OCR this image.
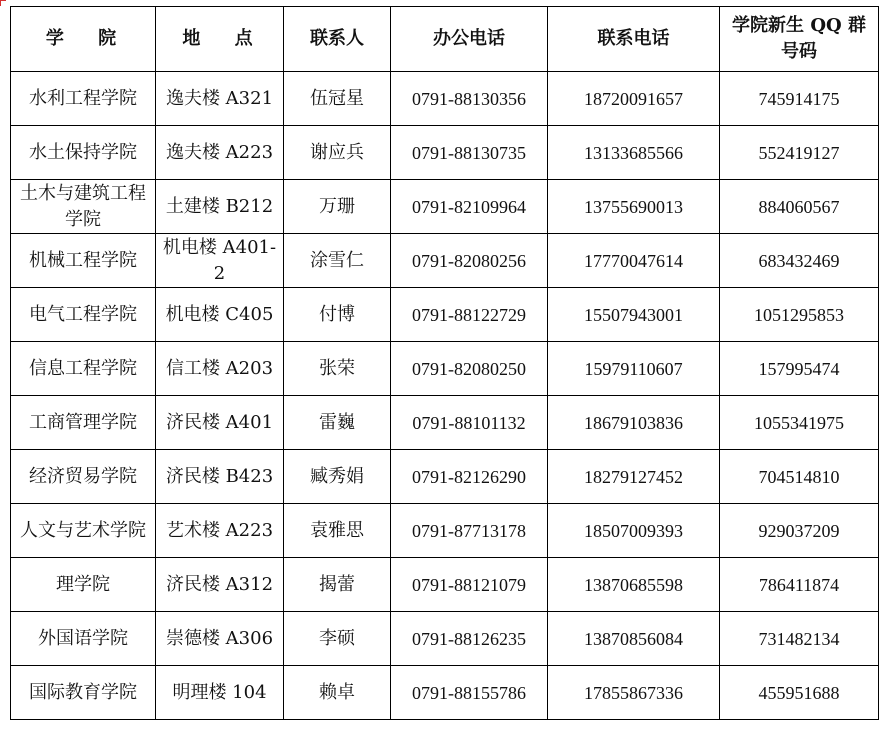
学 院	地 点	联系人	办公电话	联系电话	学院新生 QQ 群号码
水利工程学院	逸夫楼 A321	伍冠星	0791-88130356	18720091657	745914175
水土保持学院	逸夫楼 A223	谢应兵	0791-88130735	13133685566	552419127
土木与建筑工程学院	土建楼 B212	万珊	0791-82109964	13755690013	884060567
机械工程学院	机电楼 A401-2	涂雪仁	0791-82080256	17770047614	683432469
电气工程学院	机电楼 C405	付博	0791-88122729	15507943001	1051295853
信息工程学院	信工楼 A203	张荣	0791-82080250	15979110607	157995474
工商管理学院	济民楼 A401	雷巍	0791-88101132	18679103836	1055341975
经济贸易学院	济民楼 B423	臧秀娟	0791-82126290	18279127452	704514810
人文与艺术学院	艺术楼 A223	袁雅思	0791-87713178	18507009393	929037209
理学院	济民楼 A312	揭蕾	0791-88121079	13870685598	786411874
外国语学院	崇德楼 A306	李硕	0791-88126235	13870856084	731482134
国际教育学院	明理楼 104	赖卓	0791-88155786	17855867336	455951688
